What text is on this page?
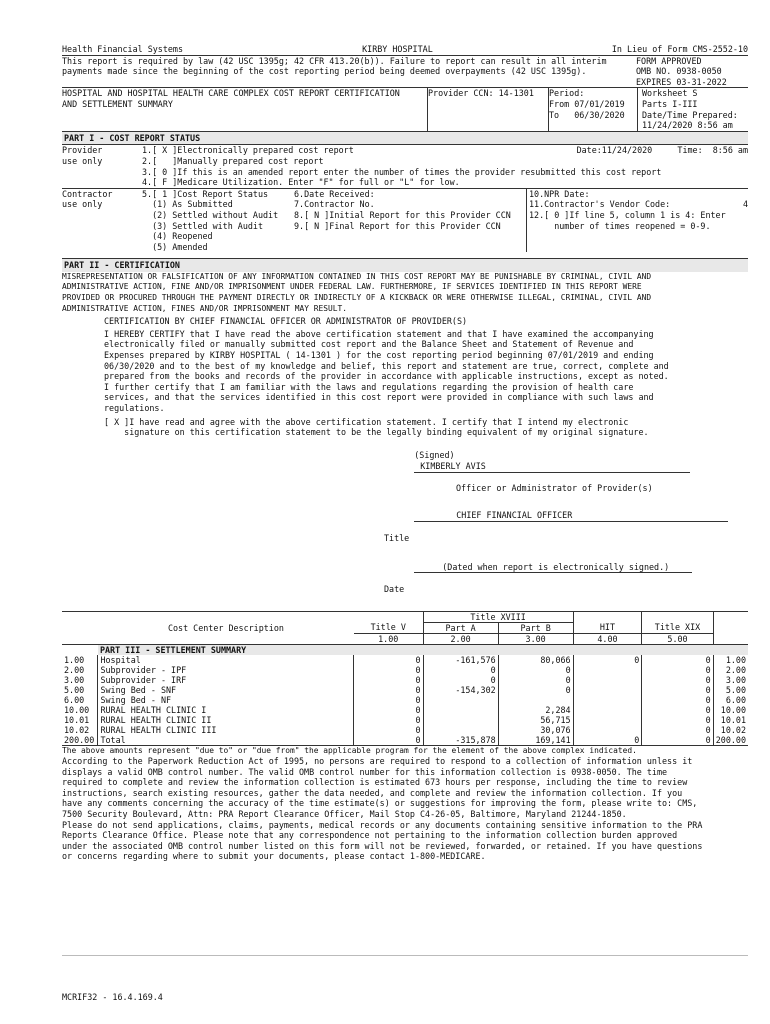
Health Financial Systems	KIRBY HOSPITAL	In Lieu of Form CMS-2552-10
This report is required by law (42 USC 1395g; 42 CFR 413.20(b)). Failure to report can result in all interim
payments made since the beginning of the cost reporting period being deemed overpayments (42 USC 1395g).
FORM APPROVED
OMB NO. 0938-0050
EXPIRES 03-31-2022
HOSPITAL AND HOSPITAL HEALTH CARE COMPLEX COST REPORT CERTIFICATION
AND SETTLEMENT SUMMARY
Provider CCN: 14-1301	Period:
From 07/01/2019
To   06/30/2020
Worksheet S
Parts I-III
Date/Time Prepared:
11/24/2020 8:56 am
PART I - COST REPORT STATUS
Provider
use only
1.[ X ]Electronically prepared cost report	Date:11/24/2020     Time:  8:56 am
2.[   ]Manually prepared cost report
3.[ 0 ]If this is an amended report enter the number of times the provider resubmitted this cost report
4.[ F ]Medicare Utilization. Enter "F" for full or "L" for low.
Contractor
use only
5.[ 1 ]Cost Report Status
(1) As Submitted
(2) Settled without Audit
(3) Settled with Audit
(4) Reopened
(5) Amended
6.Date Received:
7.Contractor No.
8.[ N ]Initial Report for this Provider CCN
9.[ N ]Final Report for this Provider CCN
10.NPR Date:
11.Contractor's Vendor Code:	4
12.[ 0 ]If line 5, column 1 is 4: Enter
number of times reopened = 0-9.
PART II - CERTIFICATION
MISREPRESENTATION OR FALSIFICATION OF ANY INFORMATION CONTAINED IN THIS COST REPORT MAY BE PUNISHABLE BY CRIMINAL, CIVIL AND
ADMINISTRATIVE ACTION, FINE AND/OR IMPRISONMENT UNDER FEDERAL LAW. FURTHERMORE, IF SERVICES IDENTIFIED IN THIS REPORT WERE
PROVIDED OR PROCURED THROUGH THE PAYMENT DIRECTLY OR INDIRECTLY OF A KICKBACK OR WERE OTHERWISE ILLEGAL, CRIMINAL, CIVIL AND
ADMINISTRATIVE ACTION, FINES AND/OR IMPRISONMENT MAY RESULT.
CERTIFICATION BY CHIEF FINANCIAL OFFICER OR ADMINISTRATOR OF PROVIDER(S)
I HEREBY CERTIFY that I have read the above certification statement and that I have examined the accompanying
electronically filed or manually submitted cost report and the Balance Sheet and Statement of Revenue and
Expenses prepared by KIRBY HOSPITAL ( 14-1301 ) for the cost reporting period beginning 07/01/2019 and ending
06/30/2020 and to the best of my knowledge and belief, this report and statement are true, correct, complete and
prepared from the books and records of the provider in accordance with applicable instructions, except as noted.
I further certify that I am familiar with the laws and regulations regarding the provision of health care
services, and that the services identified in this cost report were provided in compliance with such laws and
regulations.
[ X ]I have read and agree with the above certification statement. I certify that I intend my electronic
signature on this certification statement to be the legally binding equivalent of my original signature.

(Signed)
KIMBERLY AVIS

Officer or Administrator of Provider(s)

CHIEF FINANCIAL OFFICER

Title

(Dated when report is electronically signed.)

Date
			Title XVIII				
	Cost Center Description	Title V	Part A	Part B	HIT	Title XIX	
		1.00	2.00	3.00	4.00	5.00	
	PART III - SETTLEMENT SUMMARY						
1.00	Hospital	0	-161,576	80,066	0	0	1.00
2.00	Subprovider - IPF	0	0	0		0	2.00
3.00	Subprovider - IRF	0	0	0		0	3.00
5.00	Swing Bed - SNF	0	-154,302	0		0	5.00
6.00	Swing Bed - NF	0				0	6.00
10.00	RURAL HEALTH CLINIC I	0		2,284		0	10.00
10.01	RURAL HEALTH CLINIC II	0		56,715		0	10.01
10.02	RURAL HEALTH CLINIC III	0		30,076		0	10.02
200.00	Total	0	-315,878	169,141	0	0	200.00
The above amounts represent "due to" or "due from" the applicable program for the element of the above complex indicated.
According to the Paperwork Reduction Act of 1995, no persons are required to respond to a collection of information unless it
displays a valid OMB control number. The valid OMB control number for this information collection is 0938-0050. The time
required to complete and review the information collection is estimated 673 hours per response, including the time to review
instructions, search existing resources, gather the data needed, and complete and review the information collection. If you
have any comments concerning the accuracy of the time estimate(s) or suggestions for improving the form, please write to: CMS,
7500 Security Boulevard, Attn: PRA Report Clearance Officer, Mail Stop C4-26-05, Baltimore, Maryland 21244-1850.
Please do not send applications, claims, payments, medical records or any documents containing sensitive information to the PRA
Reports Clearance Office. Please note that any correspondence not pertaining to the information collection burden approved
under the associated OMB control number listed on this form will not be reviewed, forwarded, or retained. If you have questions
or concerns regarding where to submit your documents, please contact 1-800-MEDICARE.
MCRIF32 - 16.4.169.4
